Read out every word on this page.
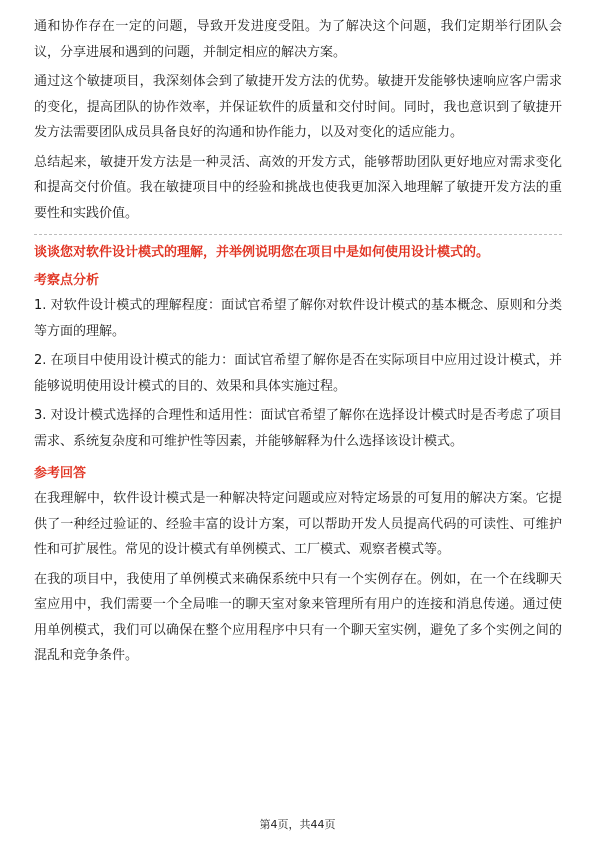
通和协作存在一定的问题，导致开发进度受阻。为了解决这个问题，我们定期举行团队会议，分享进展和遇到的问题，并制定相应的解决方案。

通过这个敏捷项目，我深刻体会到了敏捷开发方法的优势。敏捷开发能够快速响应客户需求的变化，提高团队的协作效率，并保证软件的质量和交付时间。同时，我也意识到了敏捷开发方法需要团队成员具备良好的沟通和协作能力，以及对变化的适应能力。

总结起来，敏捷开发方法是一种灵活、高效的开发方式，能够帮助团队更好地应对需求变化和提高交付价值。我在敏捷项目中的经验和挑战也使我更加深入地理解了敏捷开发方法的重要性和实践价值。

谈谈您对软件设计模式的理解，并举例说明您在项目中是如何使用设计模式的。

考察点分析

1. 对软件设计模式的理解程度：面试官希望了解你对软件设计模式的基本概念、原则和分类等方面的理解。

2. 在项目中使用设计模式的能力：面试官希望了解你是否在实际项目中应用过设计模式，并能够说明使用设计模式的目的、效果和具体实施过程。

3. 对设计模式选择的合理性和适用性：面试官希望了解你在选择设计模式时是否考虑了项目需求、系统复杂度和可维护性等因素，并能够解释为什么选择该设计模式。

参考回答

在我理解中，软件设计模式是一种解决特定问题或应对特定场景的可复用的解决方案。它提供了一种经过验证的、经验丰富的设计方案，可以帮助开发人员提高代码的可读性、可维护性和可扩展性。常见的设计模式有单例模式、工厂模式、观察者模式等。

在我的项目中，我使用了单例模式来确保系统中只有一个实例存在。例如，在一个在线聊天室应用中，我们需要一个全局唯一的聊天室对象来管理所有用户的连接和消息传递。通过使用单例模式，我们可以确保在整个应用程序中只有一个聊天室实例，避免了多个实例之间的混乱和竞争条件。

第4页，共44页
